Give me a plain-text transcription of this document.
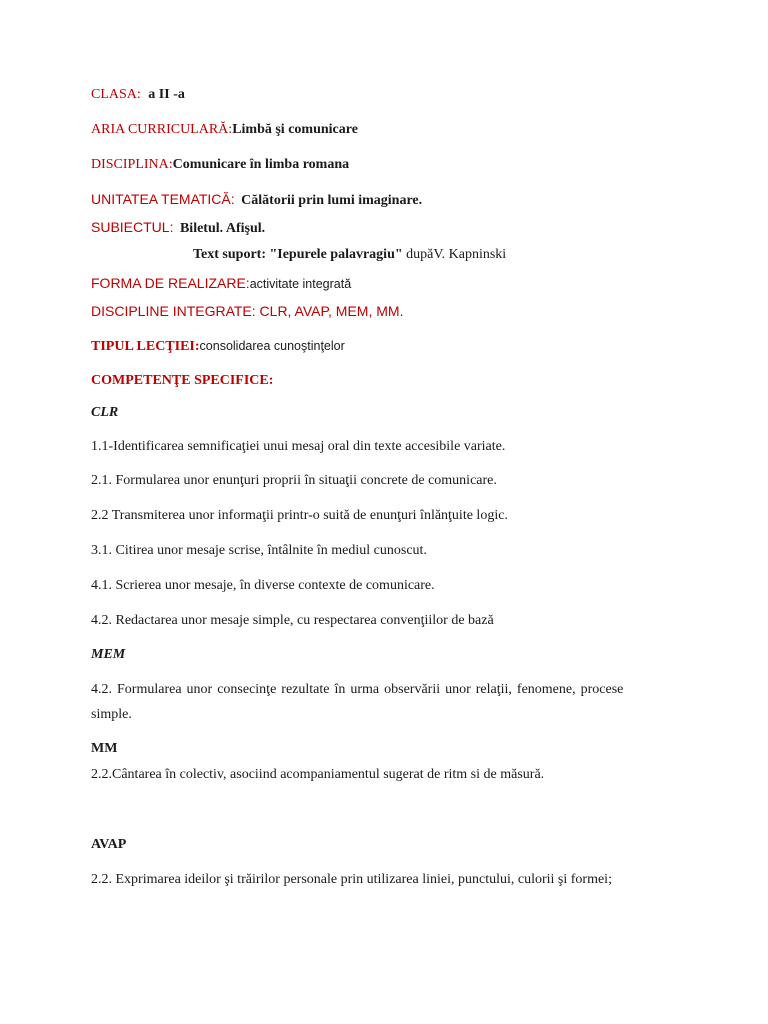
CLASA: a II -a
ARIA CURRICULARĂ:Limbă şi comunicare
DISCIPLINA:Comunicare în limba romana
UNITATEA TEMATICĂ: Călătorii prin lumi imaginare.
SUBIECTUL: Biletul. Afişul.
Text suport: "Iepurele palavragiu" dupăV. Kapninski
FORMA DE REALIZARE:activitate integrată
DISCIPLINE INTEGRATE: CLR, AVAP, MEM, MM.
TIPUL LECŢIEI:consolidarea cunoştinţelor
COMPETENŢE SPECIFICE:
CLR
1.1-Identificarea semnificaţiei unui mesaj oral din texte accesibile variate.
2.1. Formularea unor enunţuri proprii în situaţii concrete de comunicare.
2.2 Transmiterea unor informaţii printr-o suită de enunţuri înlănţuite logic.
3.1. Citirea unor mesaje scrise, întâlnite în mediul cunoscut.
4.1. Scrierea unor mesaje, în diverse contexte de comunicare.
4.2. Redactarea unor mesaje simple, cu respectarea convenţiilor de bază
MEM
4.2. Formularea unor consecinţe rezultate în urma observării unor relaţii, fenomene, procese
simple.
MM
2.2.Cântarea în colectiv, asociind acompaniamentul sugerat de ritm si de măsură.
AVAP
2.2. Exprimarea ideilor şi trăirilor personale prin utilizarea liniei, punctului, culorii şi formei;
